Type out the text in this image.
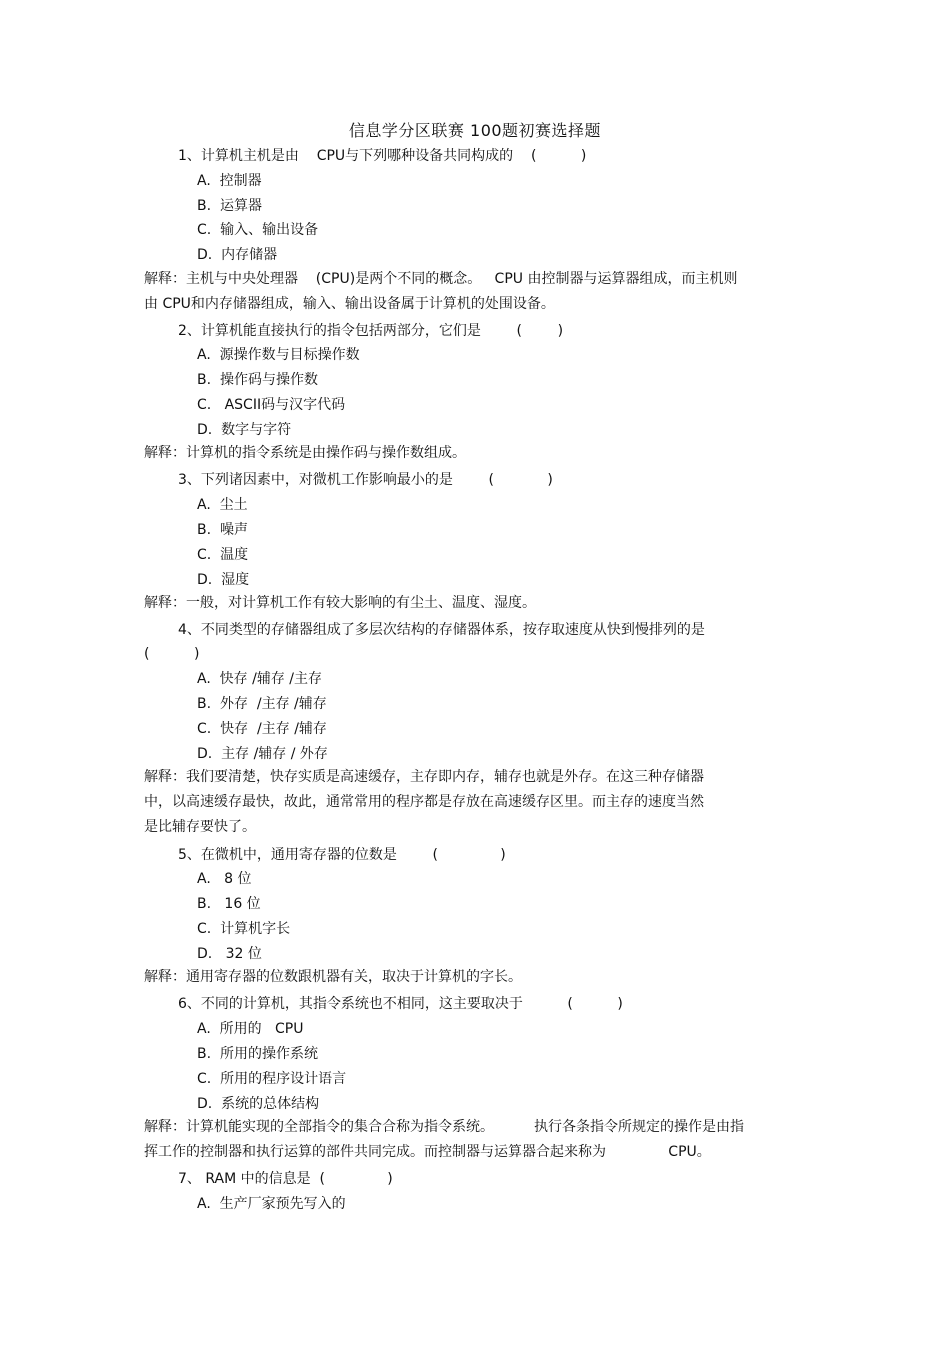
信息学分区联赛 100题初赛选择题
1、计算机主机是由    CPU与下列哪种设备共同构成的    (          )
A.  控制器
B.  运算器
C.  输入、输出设备
D.  内存储器
解释：主机与中央处理器    (CPU)是两个不同的概念。   CPU 由控制器与运算器组成，而主机则
由 CPU和内存储器组成，输入、输出设备属于计算机的处围设备。
2、计算机能直接执行的指令包括两部分，它们是        (        )
A.  源操作数与目标操作数
B.  操作码与操作数
C.   ASCII码与汉字代码
D.  数字与字符
解释：计算机的指令系统是由操作码与操作数组成。
3、下列诸因素中，对微机工作影响最小的是        (            )
A.  尘土
B.  噪声
C.  温度
D.  湿度
解释：一般，对计算机工作有较大影响的有尘土、温度、湿度。
4、不同类型的存储器组成了多层次结构的存储器体系，按存取速度从快到慢排列的是
(          )
A.  快存 /辅存 /主存
B.  外存  /主存 /辅存
C.  快存  /主存 /辅存
D.  主存 /辅存 / 外存
解释：我们要清楚，快存实质是高速缓存，主存即内存，辅存也就是外存。在这三种存储器
中，以高速缓存最快，故此，通常常用的程序都是存放在高速缓存区里。而主存的速度当然
是比辅存要快了。
5、在微机中，通用寄存器的位数是        (              )
A.   8 位
B.   16 位
C.  计算机字长
D.   32 位
解释：通用寄存器的位数跟机器有关，取决于计算机的字长。
6、不同的计算机，其指令系统也不相同，这主要取决于          (          )
A.  所用的   CPU
B.  所用的操作系统
C.  所用的程序设计语言
D.  系统的总体结构
解释：计算机能实现的全部指令的集合合称为指令系统。         执行各条指令所规定的操作是由指
挥工作的控制器和执行运算的部件共同完成。而控制器与运算器合起来称为              CPU。
7、 RAM 中的信息是  (              )
A.  生产厂家预先写入的
